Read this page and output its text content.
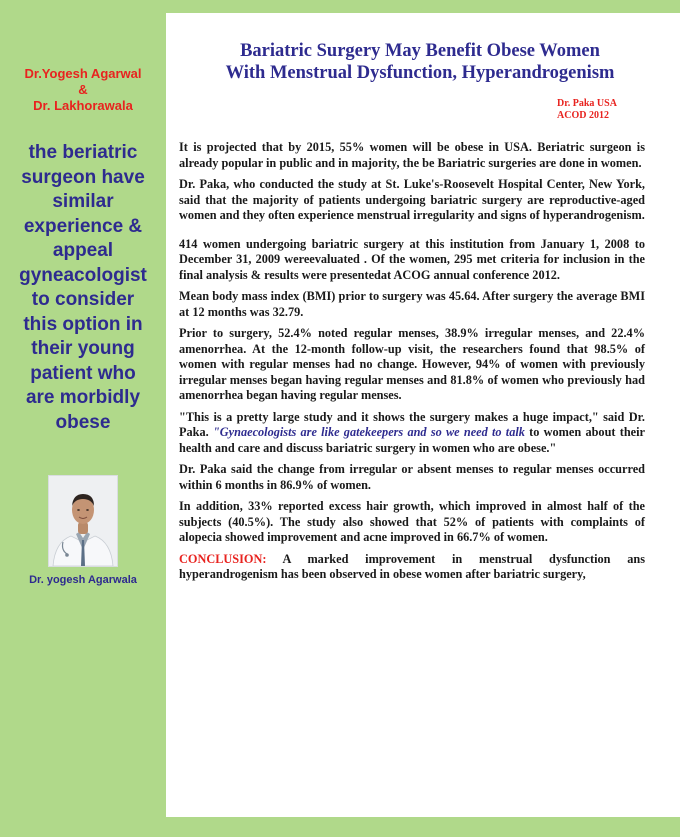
Dr.Yogesh Agarwal
&
Dr. Lakhorawala
the beriatric
surgeon have
similar
experience &
appeal
gyneacologist
to consider
this option in
their young
patient who
are morbidly
obese
Dr. yogesh Agarwala
Bariatric Surgery May Benefit Obese Women
With Menstrual Dysfunction, Hyperandrogenism
Dr. Paka USA
ACOD 2012

It is projected that by 2015, 55% women will be obese in USA. Beriatric surgeon is already popular in public and in majority, the be Bariatric surgeries are done in women.

Dr. Paka, who conducted the study at St. Luke's-Roosevelt Hospital Center, New York, said that the majority of patients undergoing bariatric surgery are reproductive-aged women and they often experience menstrual irregularity and signs of hyperandrogenism.

414 women undergoing bariatric surgery at this institution from January 1, 2008 to December 31, 2009 wereevaluated . Of the women, 295 met criteria for inclusion in the final analysis & results were presentedat ACOG annual conference 2012.

Mean body mass index (BMI) prior to surgery was 45.64. After surgery the average BMI at 12 months was 32.79.

Prior to surgery, 52.4% noted regular menses, 38.9% irregular menses, and 22.4% amenorrhea. At the 12-month follow-up visit, the researchers found that 98.5% of women with regular menses had no change. However, 94% of women with previously irregular menses began having regular menses and 81.8% of women who previously had amenorrhea began having regular menses.

"This is a pretty large study and it shows the surgery makes a huge impact," said Dr. Paka. "Gynaecologists are like gatekeepers and so we need to talk to women about their health and care and discuss bariatric surgery in women who are obese."

Dr. Paka said the change from irregular or absent menses to regular menses occurred within 6 months in 86.9% of women.

In addition, 33% reported excess hair growth, which improved in almost half of the subjects (40.5%). The study also showed that 52% of patients with complaints of alopecia showed improvement and acne improved in 66.7% of women.

CONCLUSION: A marked improvement in menstrual dysfunction ans hyperandrogenism has been observed in obese women after bariatric surgery,
